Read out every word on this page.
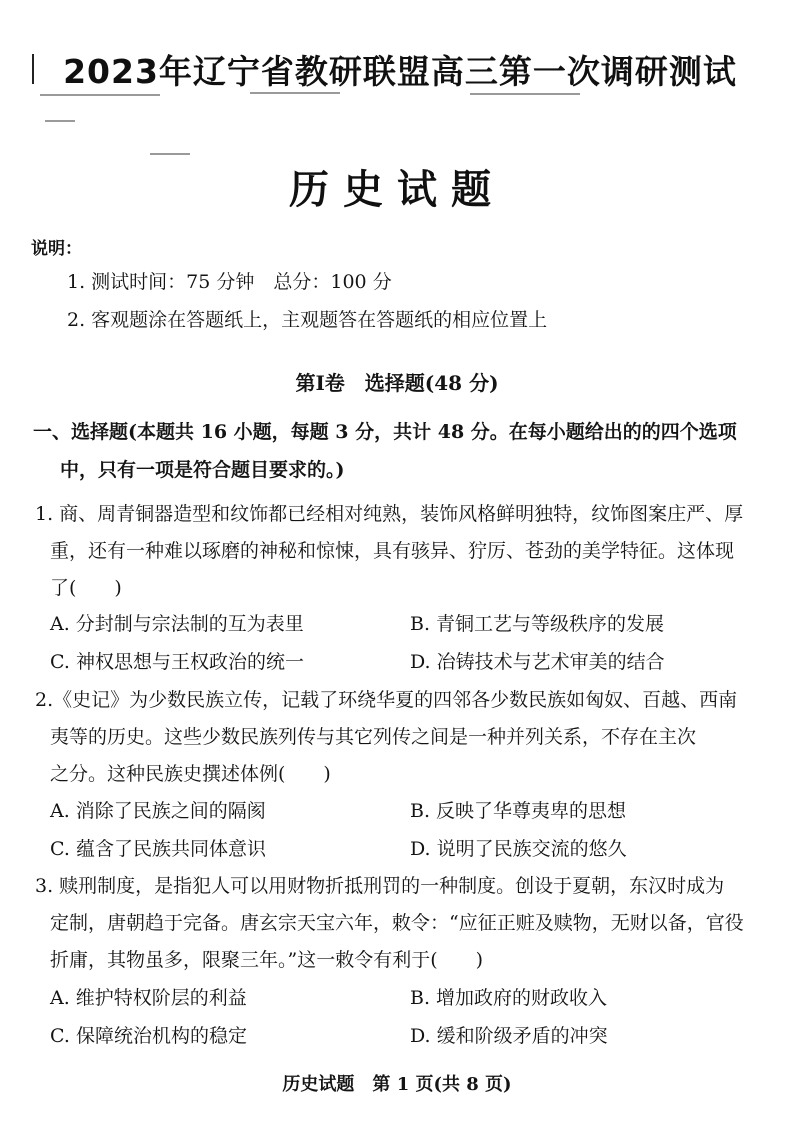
2023年辽宁省教研联盟高三第一次调研测试
历史试题
说明：
1. 测试时间：75 分钟　总分：100 分
2. 客观题涂在答题纸上，主观题答在答题纸的相应位置上
第Ⅰ卷　选择题(48 分)
一、选择题(本题共 16 小题，每题 3 分，共计 48 分。在每小题给出的的四个选项
中，只有一项是符合题目要求的。)
1. 商、周青铜器造型和纹饰都已经相对纯熟，装饰风格鲜明独特，纹饰图案庄严、厚
重，还有一种难以琢磨的神秘和惊悚，具有骇异、狞厉、苍劲的美学特征。这体现
了(　　)
A. 分封制与宗法制的互为表里	B. 青铜工艺与等级秩序的发展
C. 神权思想与王权政治的统一	D. 冶铸技术与艺术审美的结合
2.《史记》为少数民族立传，记载了环绕华夏的四邻各少数民族如匈奴、百越、西南
夷等的历史。这些少数民族列传与其它列传之间是一种并列关系，不存在主次
之分。这种民族史撰述体例(　　)
A. 消除了民族之间的隔阂	B. 反映了华尊夷卑的思想
C. 蕴含了民族共同体意识	D. 说明了民族交流的悠久
3. 赎刑制度，是指犯人可以用财物折抵刑罚的一种制度。创设于夏朝，东汉时成为
定制，唐朝趋于完备。唐玄宗天宝六年，敕令：“应征正赃及赎物，无财以备，官役
折庸，其物虽多，限聚三年。”这一敕令有利于(　　)
A. 维护特权阶层的利益	B. 增加政府的财政收入
C. 保障统治机构的稳定	D. 缓和阶级矛盾的冲突
历史试题　第 1 页(共 8 页)
